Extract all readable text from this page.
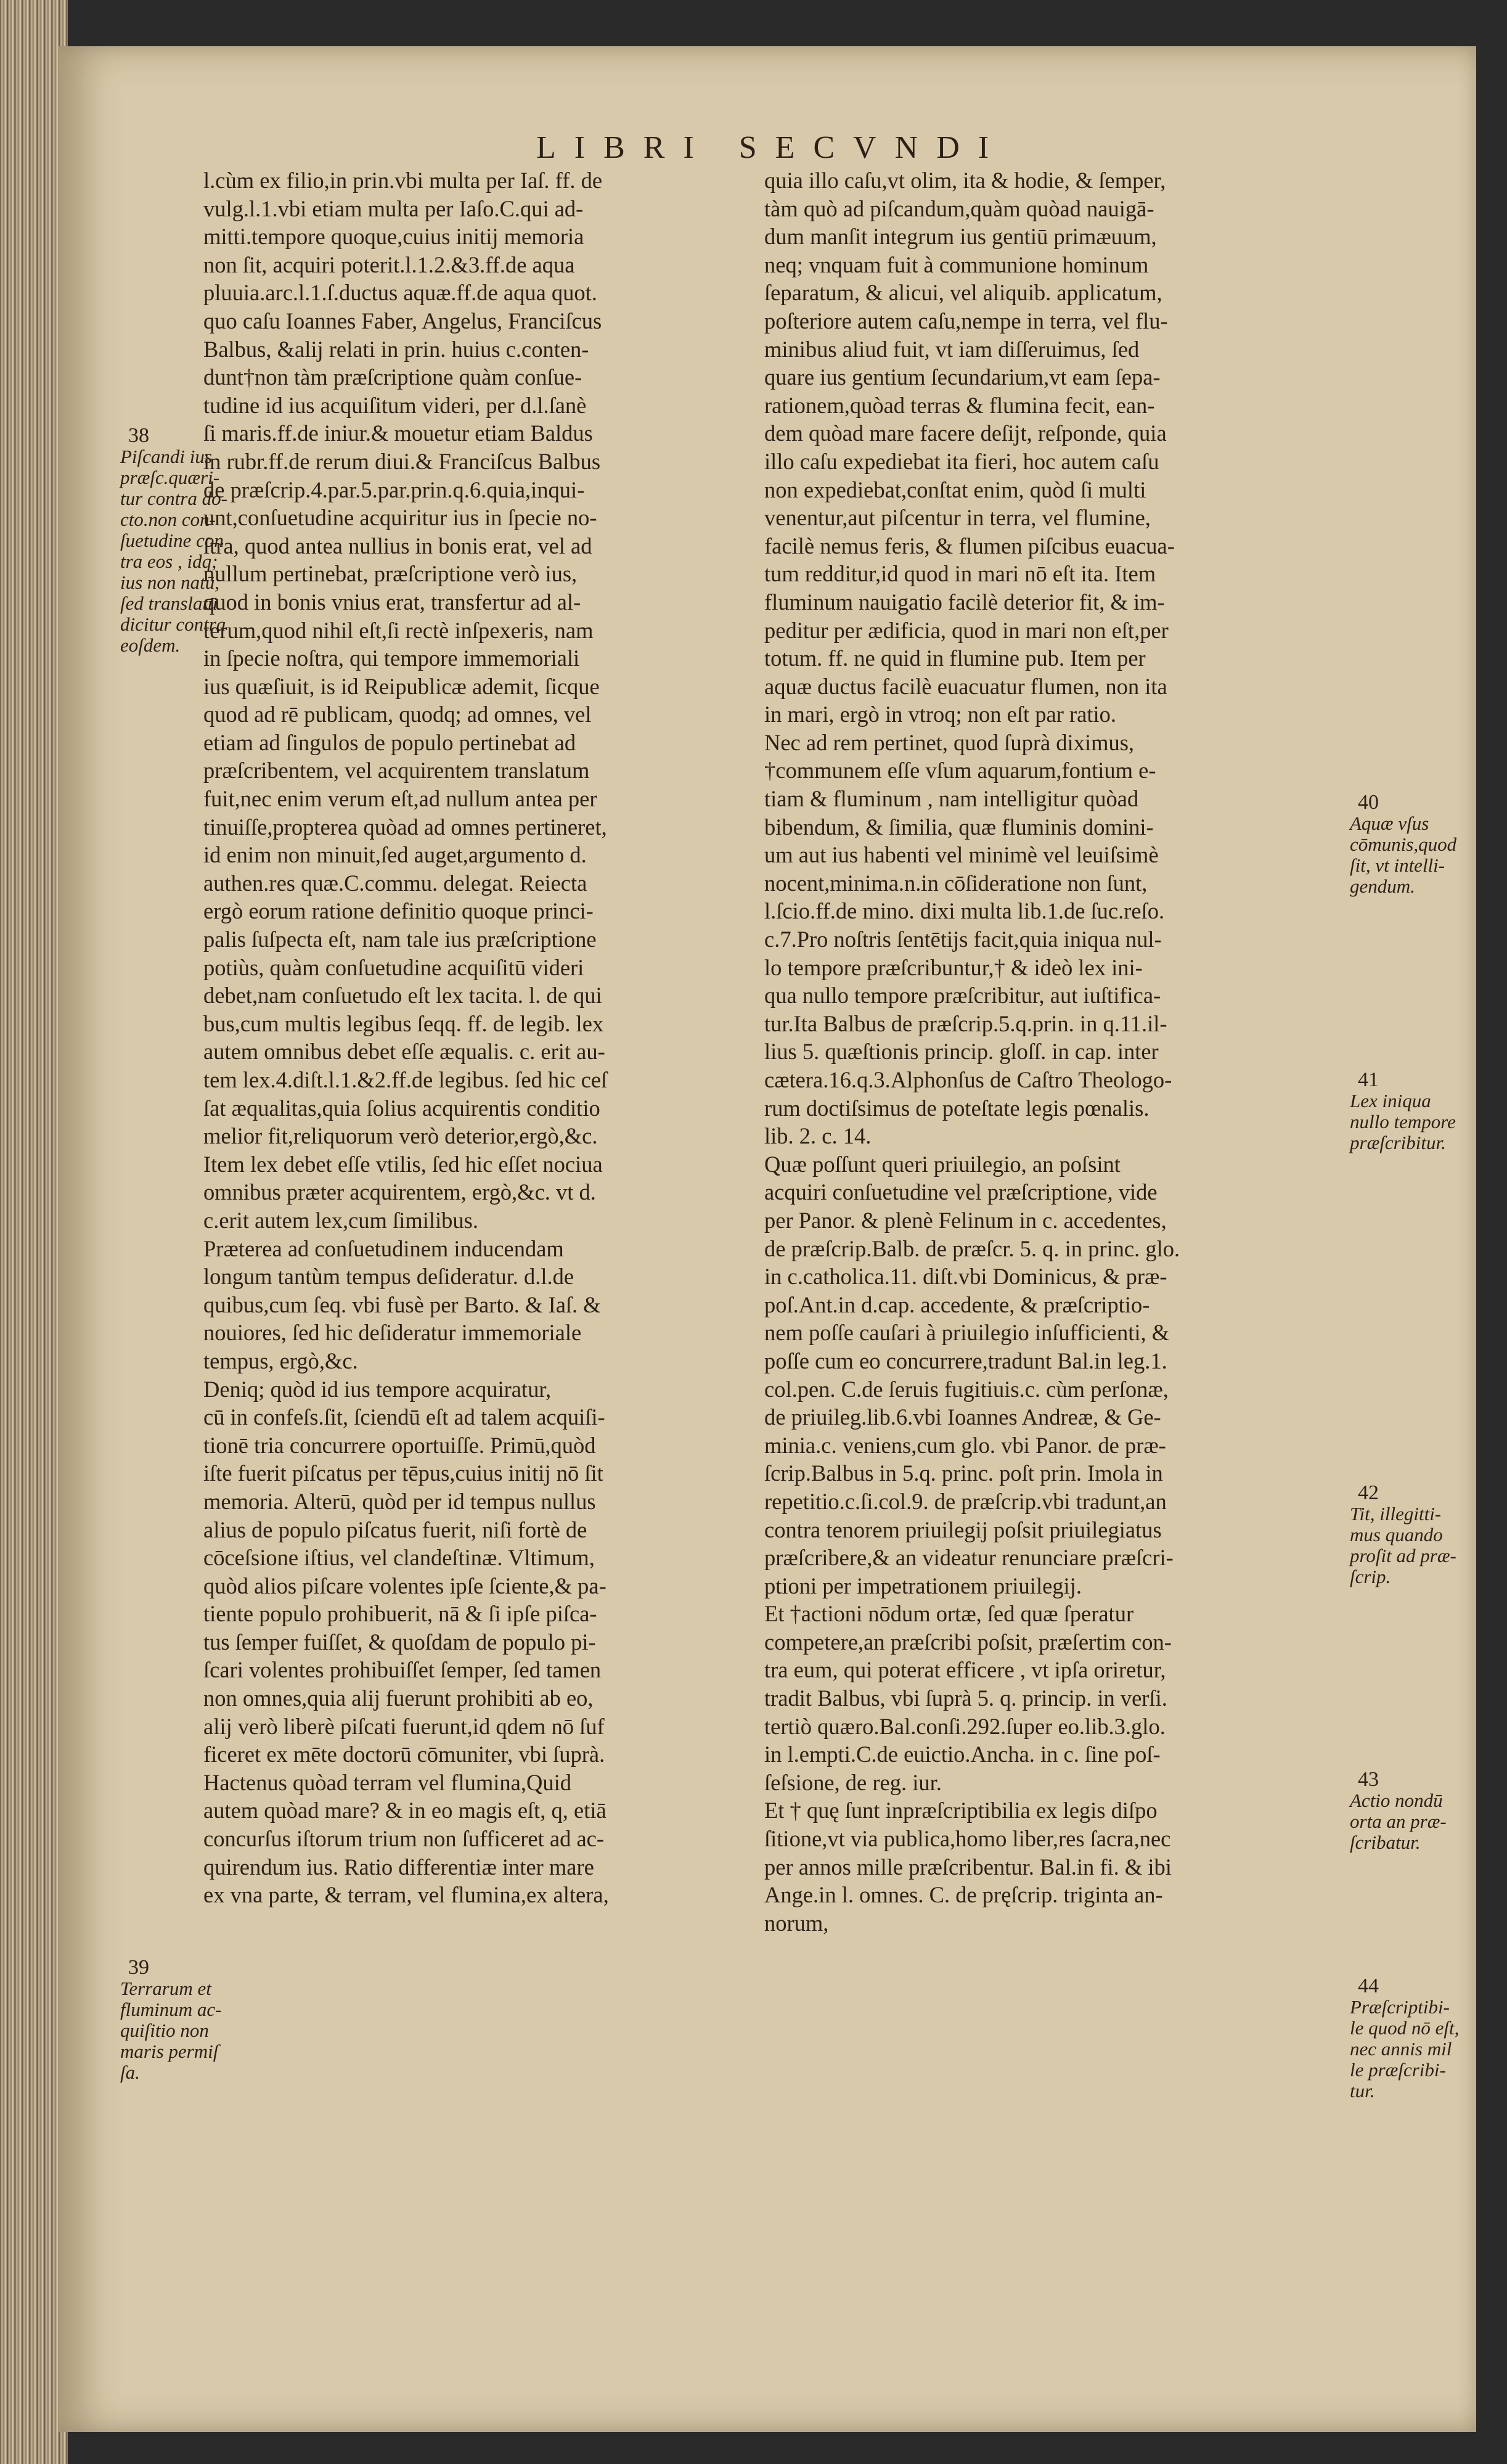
LIBRI SECVNDI
l.cùm ex filio,in prin.vbi multa per Iaſ. ff. de
vulg.l.1.vbi etiam multa per Iaſo.C.qui ad-
mitti.tempore quoque,cuius initij memoria
non ſit, acquiri poterit.l.1.2.&3.ff.de aqua
pluuia.arc.l.1.ſ.ductus aquæ.ff.de aqua quot.
quo caſu Ioannes Faber, Angelus, Franciſcus
Balbus, &alij relati in prin. huius c.conten-
dunt†non tàm præſcriptione quàm conſue-
tudine id ius acquiſitum videri, per d.l.ſanè
ſi maris.ff.de iniur.& mouetur etiam Baldus
in rubr.ff.de rerum diui.& Franciſcus Balbus
de præſcrip.4.par.5.par.prin.q.6.quia,inqui-
unt,conſuetudine acquiritur ius in ſpecie no-
ſtra, quod antea nullius in bonis erat, vel ad
nullum pertinebat, præſcriptione verò ius,
quod in bonis vnius erat, transfertur ad al-
terum,quod nihil eſt,ſi rectè inſpexeris, nam
in ſpecie noſtra, qui tempore immemoriali
ius quæſiuit, is id Reipublicæ ademit, ſicque
quod ad rē publicam, quodq; ad omnes, vel
etiam ad ſingulos de populo pertinebat ad
præſcribentem, vel acquirentem translatum
fuit,nec enim verum eſt,ad nullum antea per
tinuiſſe,propterea quòad ad omnes pertineret,
id enim non minuit,ſed auget,argumento d.
authen.res quæ.C.commu. delegat. Reiecta
ergò eorum ratione definitio quoque princi-
palis ſuſpecta eſt, nam tale ius præſcriptione
potiùs, quàm conſuetudine acquiſitū videri
debet,nam conſuetudo eſt lex tacita. l. de qui
bus,cum multis legibus ſeqq. ff. de legib. lex
autem omnibus debet eſſe æqualis. c. erit au-
tem lex.4.diſt.l.1.&2.ff.de legibus. ſed hic ceſ
ſat æqualitas,quia ſolius acquirentis conditio
melior fit,reliquorum verò deterior,ergò,&c.
Item lex debet eſſe vtilis, ſed hic eſſet nociua
omnibus præter acquirentem, ergò,&c. vt d.
c.erit autem lex,cum ſimilibus.
Præterea ad conſuetudinem inducendam
longum tantùm tempus deſideratur. d.l.de
quibus,cum ſeq. vbi fusè per Barto. & Iaſ. &
nouiores, ſed hic deſideratur immemoriale
tempus, ergò,&c.
Deniq; quòd id ius tempore acquiratur,
cū in confeſs.ſit, ſciendū eſt ad talem acquiſi-
tionē tria concurrere oportuiſſe. Primū,quòd
iſte fuerit piſcatus per tēpus,cuius initij nō ſit
memoria. Alterū, quòd per id tempus nullus
alius de populo piſcatus fuerit, niſi fortè de
cōceſsione iſtius, vel clandeſtinæ. Vltimum,
quòd alios piſcare volentes ipſe ſciente,& pa-
tiente populo prohibuerit, nā & ſi ipſe piſca-
tus ſemper fuiſſet, & quoſdam de populo pi-
ſcari volentes prohibuiſſet ſemper, ſed tamen
non omnes,quia alij fuerunt prohibiti ab eo,
alij verò liberè piſcati fuerunt,id qdem nō ſuf
ficeret ex mēte doctorū cōmuniter, vbi ſuprà.
Hactenus quòad terram vel flumina,Quid
autem quòad mare? & in eo magis eſt, q, etiā
concurſus iſtorum trium non ſufficeret ad ac-
quirendum ius. Ratio differentiæ inter mare
ex vna parte, & terram, vel flumina,ex altera,
quia illo caſu,vt olim, ita & hodie, & ſemper,
tàm quò ad piſcandum,quàm quòad nauigā-
dum manſit integrum ius gentiū primæuum,
neq; vnquam fuit à communione hominum
ſeparatum, & alicui, vel aliquib. applicatum,
poſteriore autem caſu,nempe in terra, vel flu-
minibus aliud fuit, vt iam diſſeruimus, ſed
quare ius gentium ſecundarium,vt eam ſepa-
rationem,quòad terras & flumina fecit, ean-
dem quòad mare facere deſijt, reſponde, quia
illo caſu expediebat ita fieri, hoc autem caſu
non expediebat,conſtat enim, quòd ſi multi
venentur,aut piſcentur in terra, vel flumine,
facilè nemus feris, & flumen piſcibus euacua-
tum redditur,id quod in mari nō eſt ita. Item
fluminum nauigatio facilè deterior fit, & im-
peditur per ædificia, quod in mari non eſt,per
totum. ff. ne quid in flumine pub. Item per
aquæ ductus facilè euacuatur flumen, non ita
in mari, ergò in vtroq; non eſt par ratio.
Nec ad rem pertinet, quod ſuprà diximus,
†communem eſſe vſum aquarum,fontium e-
tiam & fluminum , nam intelligitur quòad
bibendum, & ſimilia, quæ fluminis domini-
um aut ius habenti vel minimè vel leuiſsimè
nocent,minima.n.in cōſideratione non ſunt,
l.ſcio.ff.de mino. dixi multa lib.1.de ſuc.reſo.
c.7.Pro noſtris ſentētijs facit,quia iniqua nul-
lo tempore præſcribuntur,† & ideò lex ini-
qua nullo tempore præſcribitur, aut iuſtifica-
tur.Ita Balbus de præſcrip.5.q.prin. in q.11.il-
lius 5. quæſtionis princip. gloſſ. in cap. inter
cætera.16.q.3.Alphonſus de Caſtro Theologo-
rum doctiſsimus de poteſtate legis pœnalis.
lib. 2. c. 14.
Quæ poſſunt queri priuilegio, an poſsint
acquiri conſuetudine vel præſcriptione, vide
per Panor. & plenè Felinum in c. accedentes,
de præſcrip.Balb. de præſcr. 5. q. in princ. glo.
in c.catholica.11. diſt.vbi Dominicus, & præ-
poſ.Ant.in d.cap. accedente, & præſcriptio-
nem poſſe cauſari à priuilegio inſufficienti, &
poſſe cum eo concurrere,tradunt Bal.in leg.1.
col.pen. C.de ſeruis fugitiuis.c. cùm perſonæ,
de priuileg.lib.6.vbi Ioannes Andreæ, & Ge-
minia.c. veniens,cum glo. vbi Panor. de præ-
ſcrip.Balbus in 5.q. princ. poſt prin. Imola in
repetitio.c.ſi.col.9. de præſcrip.vbi tradunt,an
contra tenorem priuilegij poſsit priuilegiatus
præſcribere,& an videatur renunciare præſcri-
ptioni per impetrationem priuilegij.
Et †actioni nōdum ortæ, ſed quæ ſperatur
competere,an præſcribi poſsit, præſertim con-
tra eum, qui poterat efficere , vt ipſa oriretur,
tradit Balbus, vbi ſuprà 5. q. princip. in verſi.
tertiò quæro.Bal.conſi.292.ſuper eo.lib.3.glo.
in l.empti.C.de euictio.Ancha. in c. ſine poſ-
ſeſsione, de reg. iur.
Et † quę ſunt inpræſcriptibilia ex legis diſpo
ſitione,vt via publica,homo liber,res ſacra,nec
per annos mille præſcribentur. Bal.in fi. & ibi
Ange.in l. omnes. C. de pręſcrip. triginta an-
norum,
38
Piſcandi ius
præſc.quæri-
tur contra do-
cto.non con-
ſuetudine con
tra eos , idq;
ius non natū,
ſed translatū
dicitur contra
eoſdem.
39
Terrarum et
fluminum ac-
quiſitio non
maris permiſ
ſa.
40
Aquæ vſus
cōmunis,quod
ſit, vt intelli-
gendum.
41
Lex iniqua
nullo tempore
præſcribitur.
42
Tit, illegitti-
mus quando
proſit ad præ-
ſcrip.
43
Actio nondū
orta an præ-
ſcribatur.
44
Præſcriptibi-
le quod nō eſt,
nec annis mil
le præſcribi-
tur.
